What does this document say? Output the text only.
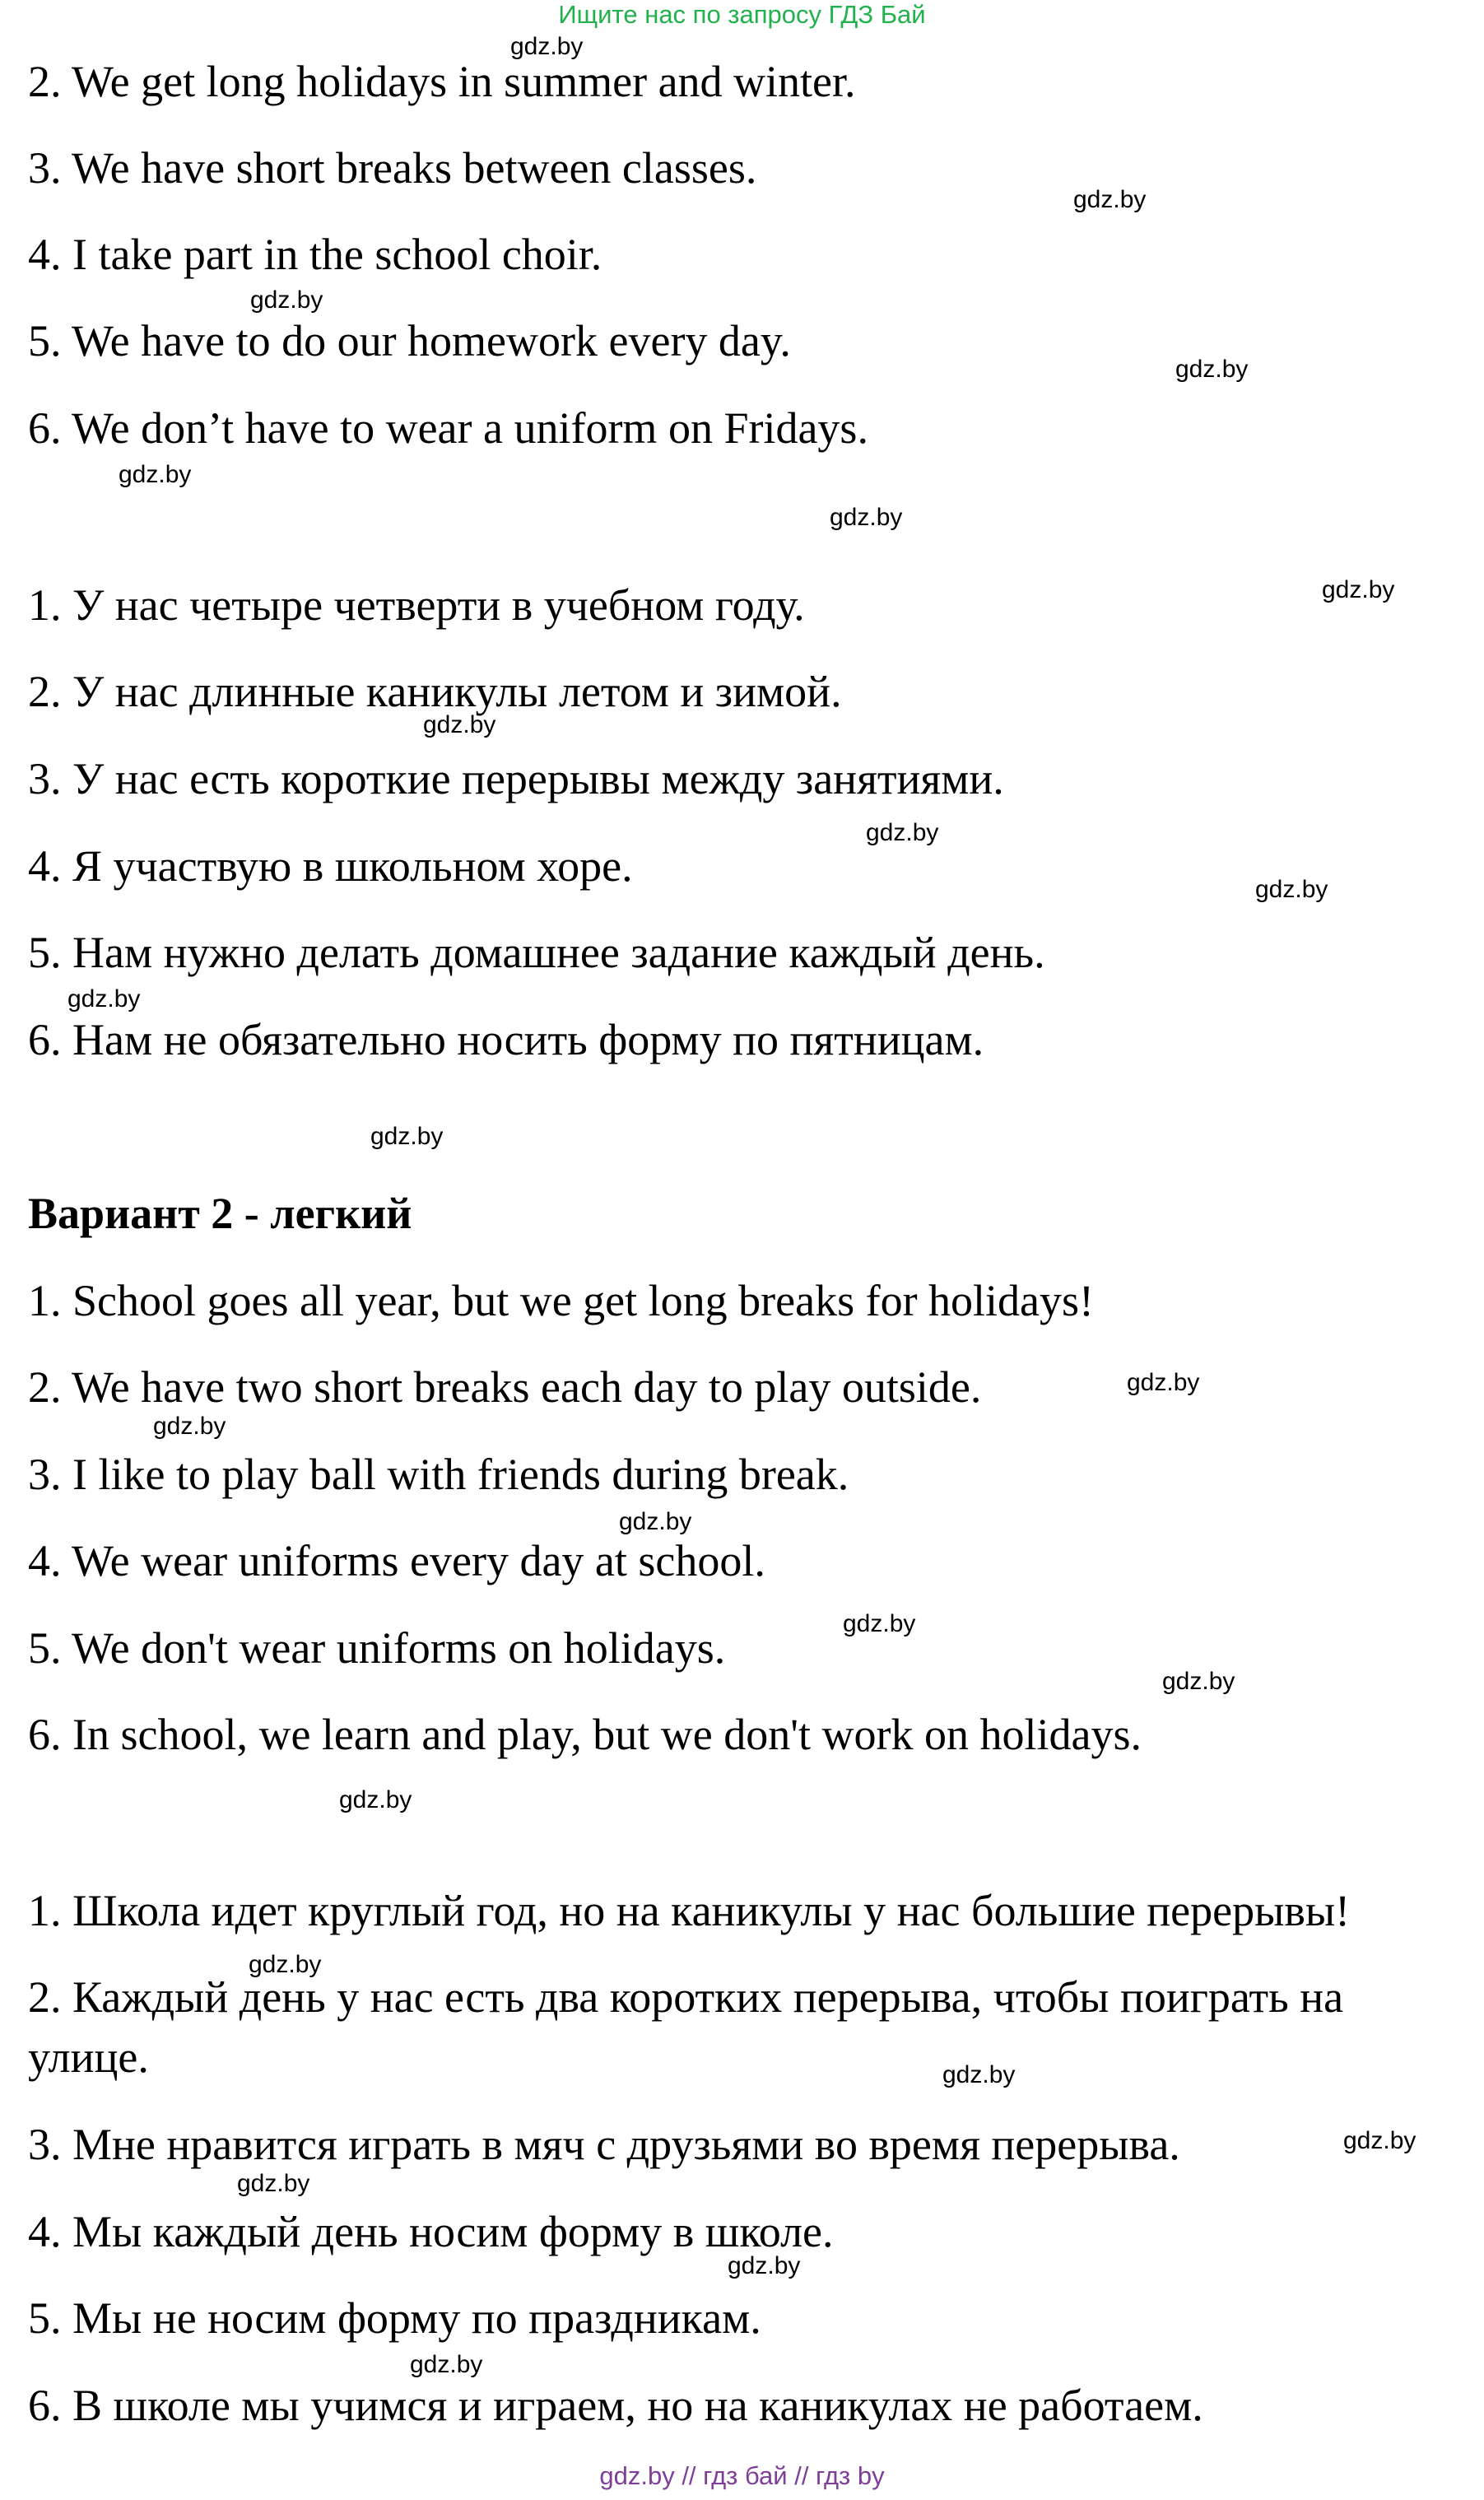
Ищите нас по запросу ГДЗ Бай
2. We get long holidays in summer and winter.
3. We have short breaks between classes.
4. I take part in the school choir.
5. We have to do our homework every day.
6. We don’t have to wear a uniform on Fridays.
1. У нас четыре четверти в учебном году.
2. У нас длинные каникулы летом и зимой.
3. У нас есть короткие перерывы между занятиями.
4. Я участвую в школьном хоре.
5. Нам нужно делать домашнее задание каждый день.
6. Нам не обязательно носить форму по пятницам.
Вариант 2 - легкий
1. School goes all year, but we get long breaks for holidays!
2. We have two short breaks each day to play outside.
3. I like to play ball with friends during break.
4. We wear uniforms every day at school.
5. We don't wear uniforms on holidays.
6. In school, we learn and play, but we don't work on holidays.
1. Школа идет круглый год, но на каникулы у нас большие перерывы!
2. Каждый день у нас есть два коротких перерыва, чтобы поиграть на
улице.
3. Мне нравится играть в мяч с друзьями во время перерыва.
4. Мы каждый день носим форму в школе.
5. Мы не носим форму по праздникам.
6. В школе мы учимся и играем, но на каникулах не работаем.
gdz.by
gdz.by
gdz.by
gdz.by
gdz.by
gdz.by
gdz.by
gdz.by
gdz.by
gdz.by
gdz.by
gdz.by
gdz.by
gdz.by
gdz.by
gdz.by
gdz.by
gdz.by
gdz.by
gdz.by
gdz.by
gdz.by
gdz.by
gdz.by
gdz.by // гдз бай // гдз by
